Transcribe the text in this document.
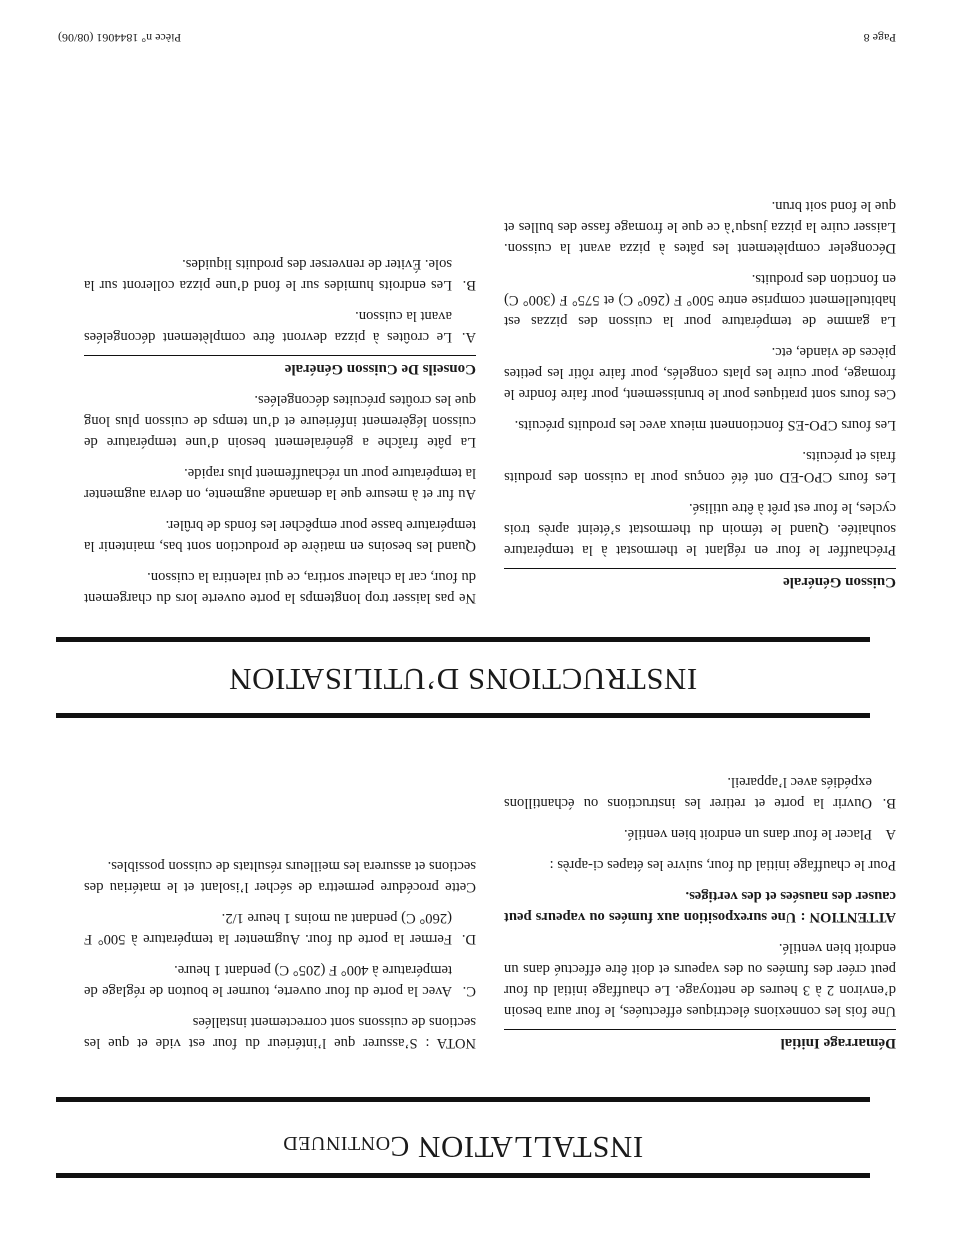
INSTALLATION Continued
Démarrage Initial

Une fois les connexions électriques effectuées, le four aura besoin d’environ 2 à 3 heures de nettoyage. Le chauffage initial du four peut créer des fumées ou des vapeurs et doit être effectué dans un endroit bien ventilé.

ATTENTION : Une surexposition aux fumées ou vapeurs peut causer des nausées et des vertiges.

Pour le chauffage initial du four, suivre les étapes ci-après :

A
Placer le four dans un endroit bien ventilé.
B.
Ouvrir la porte et retirer les instructions ou échantillons expédiés avec l’appareil.

NOTA : S’assurer que l’intérieur du four est vide et que les sections de cuissons sont correctement installées

C.
Avec la porte du four ouverte, tourner le bouton de réglage de température à 400° F (205° C) pendant 1 heure.
D.
Fermer la porte du four. Augmenter la température à 500° F (260° C) pendant au moins 1 heure 1/2.

Cette procédure permettra de sécher l’isolant et le matériau des sections et assurera les meilleurs résultats de cuisson possibles.

INSTRUCTIONS D’UTILISATION
Cuisson Générale

Préchauffer le four en réglant le thermostat à la température souhaitée. Quand le témoin du thermostat s’éteint après trois cycles, le four est prêt à être utilisé.

Les fours CPO-ED ont été conçus pour la cuisson des produits frais et précuits.

Les fours CPO-ES fonctionnent mieux avec les produits précuits.

Ces fours sont pratiques pour le brunissement, pour faire fondre le fromage, pour cuire les plats congelés, pour faire rôtir les petites pièces de viande, etc.

La gamme de température pour la cuisson des pizzas est habituellement comprise entre 500° F (260° C) et 575° F (300° C) en fonction des produits.

Décongeler complètement les pâtes à pizza avant la cuisson. Laisser cuire la pizza jusqu’à ce que le fromage fasse des bulles et que le fond soit brun.

Ne pas laisser trop longtemps la porte ouverte lors du chargement du four, car la chaleur sortira, ce qui ralentira la cuisson.

Quand les besoins en matière de production sont bas, maintenir la température basse pour empêcher les fonds de brûler.

Au fur et à mesure que la demande augmente, on devra augmenter la température pour un réchauffement plus rapide.

La pâte fraîche a généralement besoin d’une température de cuisson légèrement inférieure et d’un temps de cuisson plus long que les croûtes précuites décongelées.

Conseils De Cuisson Générale
A.
Le croûtes à pizza devront être complètement décongelées avant la cuisson.
B.
Les endroits humides sur le fond d’une pizza colleront sur la sole. Éviter de renverser des produits liquides.
Page 8
Pièce n° 1844061 (08/06)
